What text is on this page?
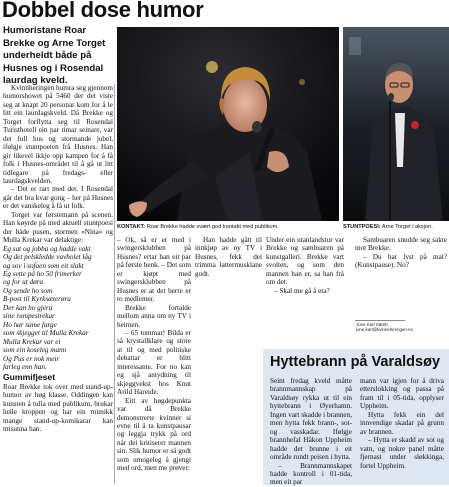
Dobbel dose humor
Humoristane Roar Brekke og Arne Torget underheldt både på Husnes og i Rosendal laurdag kveld.
KONTAKT: Roar Brekke hadde svært god kontakt med publikum.	STUNTPOESI: Arne Torget i aksjon.

Kvinnheringen humra seg gjennom humorshowet på 5460 der det viste seg at knapt 20 personar kom for å le litt ein laurdagskveld. Då Brekke og Torget forflytta seg til Rosendal Turisthotell ein par timar seinare, var det full hus og stormande jubel, ifølgje stuntpoeten frå Husnes. Han gir likevel ikkje opp kampen for å få folk i Husnes-området til å gå ut litt tidlegare på fredags- eller laurdagskvelden.

– Det er rart med det. I Rosendal går det bra kvar gong – her på Husnes er det vanskeleg å få ut folk.

Torget var førstemann på scenen. Han køyrde på med aktuell stuntpoesi der både pusen, stormen «Nina» og Mulla Krekar var delaktige:

Eg sat og jobba og hadde vakt

Og det pelskledde vavholet låg

og sov i sofaen som eit slakt

Eg sette på ho 50 frimerker

og for ut døra

Og sende ho som

B-post til Kyrksæterøra

Der kan ho gjera

sine rumpestrekar

Ho har same farge

som skjegget til Mulla Krekar

Mulla Krekar var ei

som ein koseleg mann

Og Pus er nok meir

farleg enn han.

Gummifjeset

Roar Brekke tok over med stand-up-humor av høg klasse. Oddingen kan kunsten å tulla med publikum, brukar heile kroppen og har ein mimikk mange stand-up-komikarar kan misunna han.

– Ok, så er er med i swingersklubben på Husnes? ertar han eit par på første benk. – Det som er kjøpt med swingersklubben på Husnes er at det berre er to medlemer.

Brekke fortalde mellom anna om ny TV i heimen.

– 65 tommar! Bilda er så krystallklare og store at til og med politiske debattar er blitt interessante. For no kan eg sjå antydning til skjeggvekst hos Knut Arild Hareide.

Eitt av høgdepunkta var då Brekke demonstrerte kvinner si evne til å ta kunstpausar og leggja trykk på ord når dei kritiserer mannen sin. Slik humor er så godt som umogeleg å gjengi med ord, men me prøver:

Han hadde gått til innkjøp av ny TV i Husnes, fekk dei trimma lattermusklane godt.

Under ein utanlandstur var Brekke og sambuaren på kunstgalleri. Brekke vart svolten, og som den mannen han er, sa han frå om det.

– Skal me gå å eta?

Sambuaren snudde seg sakte mot Brekke.

– Du har lyst på mat? (Kunstpause). No?

Jone Karl Søreb
jone.karl@kvinneheringen.no
Hyttebrann på Varaldsøy

Seint fredag kveld måtte brannmannskap på Varaldsøy rykka ut til ein hyttebrann i Øyerhamn. Ingen vart skadde i brannen, men hytta fekk brann-, sot- og vasskadar. Ifølgje brannhefal Håkon Uppheim hadde det brunne i eit område rundt peisen i hytta.

– Brannmannskapet hadde kontroll i 01-tida, men eit par

mann var igjen for å driva etterslokking og passa på fram til i 05-tida, opplyser Uppheim.

Hytta fekk ein del innvendige skadar på grunn av brannen.

– Hytta er skadd av sot og vatn, og nokre panel måtte fjernast under sløkkinga, fortel Uppheim.
